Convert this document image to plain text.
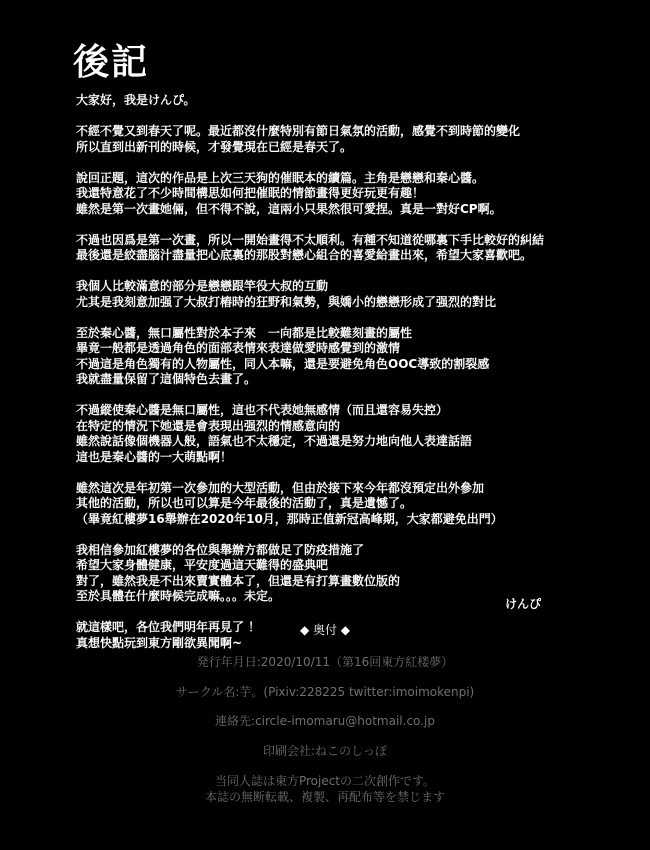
後記

大家好，我是けんぴ。

不經不覺又到春天了呢。最近都沒什麼特別有節日氣氛的活動，感覺不到時節的變化
所以直到出新刊的時候，才發覺現在已經是春天了。

說回正題，這次的作品是上次三天狗的催眠本的續篇。主角是戀戀和秦心醬。
我還特意花了不少時間構思如何把催眠的情節畫得更好玩更有趣！
雖然是第一次畫她倆，但不得不說，這兩小只果然很可愛捏。真是一對好CP啊。

不過也因爲是第一次畫，所以一開始畫得不太順利。有種不知道從哪裏下手比較好的糾結
最後還是絞盡腦汁盡量把心底裏的那股對戀心組合的喜愛給畫出來，希望大家喜歡吧。

我個人比較滿意的部分是戀戀跟竿役大叔的互動
尤其是我刻意加强了大叔打樁時的狂野和氣勢，與嬌小的戀戀形成了强烈的對比

至於秦心醬，無口屬性對於本子來　一向都是比較難刻畫的屬性
畢竟一般都是透過角色的面部表情來表達做愛時感覺到的激情
不過這是角色獨有的人物屬性，同人本嘛，還是要避免角色OOC導致的割裂感
我就盡量保留了這個特色去畫了。

不過縱使秦心醬是無口屬性，這也不代表她無感情（而且還容易失控）
在特定的情況下她還是會表現出强烈的情感意向的
雖然說話像個機器人般，語氣也不太穩定，不過還是努力地向他人表達話語
這也是秦心醬的一大萌點啊！

雖然這次是年初第一次參加的大型活動，但由於接下來今年都沒預定出外參加
其他的活動，所以也可以算是今年最後的活動了，真是遺憾了。
（畢竟紅樓夢16舉辦在2020年10月，那時正值新冠高峰期，大家都避免出門）

我相信參加紅樓夢的各位與舉辦方都做足了防疫措施了
希望大家身體健康，平安度過這天難得的盛典吧
對了，雖然我是不出來賣實體本了，但還是有打算畫數位版的
至於具體在什麼時候完成嘛。。。未定。

就這樣吧，各位我們明年再見了 ！
真想快點玩到東方剛欲異聞啊~

けんぴ
◆ 奥付 ◆
発行年月日:2020/10/11（第16回東方紅楼夢）
サークル名:芋。(Pixiv:228225 twitter:imoimokenpi)
連絡先:circle-imomaru@hotmail.co.jp
印刷会社:ねこのしっぽ
当同人誌は東方Projectの二次創作です。
本誌の無断転載、複製、再配布等を禁じます
